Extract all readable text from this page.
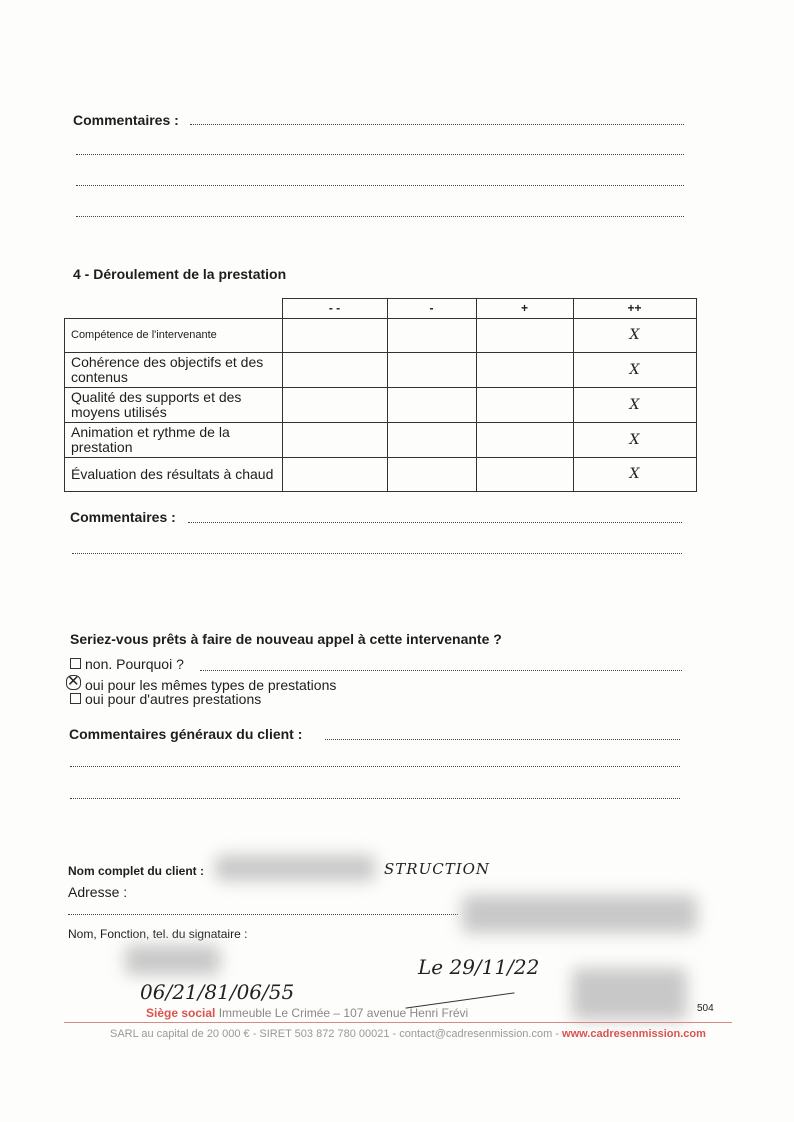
Commentaires :
4 - Déroulement de la prestation
	- -	-	+	++
Compétence de l'intervenante				X
Cohérence des objectifs et des contenus				X
Qualité des supports et des moyens utilisés				X
Animation et rythme de la prestation				X
Évaluation des résultats à chaud				X
Commentaires :
Seriez-vous prêts à faire de nouveau appel à cette intervenante ?
non. Pourquoi ?
✕ oui pour les mêmes types de prestations
oui pour d'autres prestations
Commentaires généraux du client :
Nom complet du client :	STRUCTION
Adresse :
Nom, Fonction, tel. du signataire :
06/21/81/06/55
Le 29/11/22
504
Siège social Immeuble Le Crimée – 107 avenue Henri Frévi
SARL au capital de 20 000 € - SIRET 503 872 780 00021 - contact@cadresenmission.com - www.cadresenmission.com
